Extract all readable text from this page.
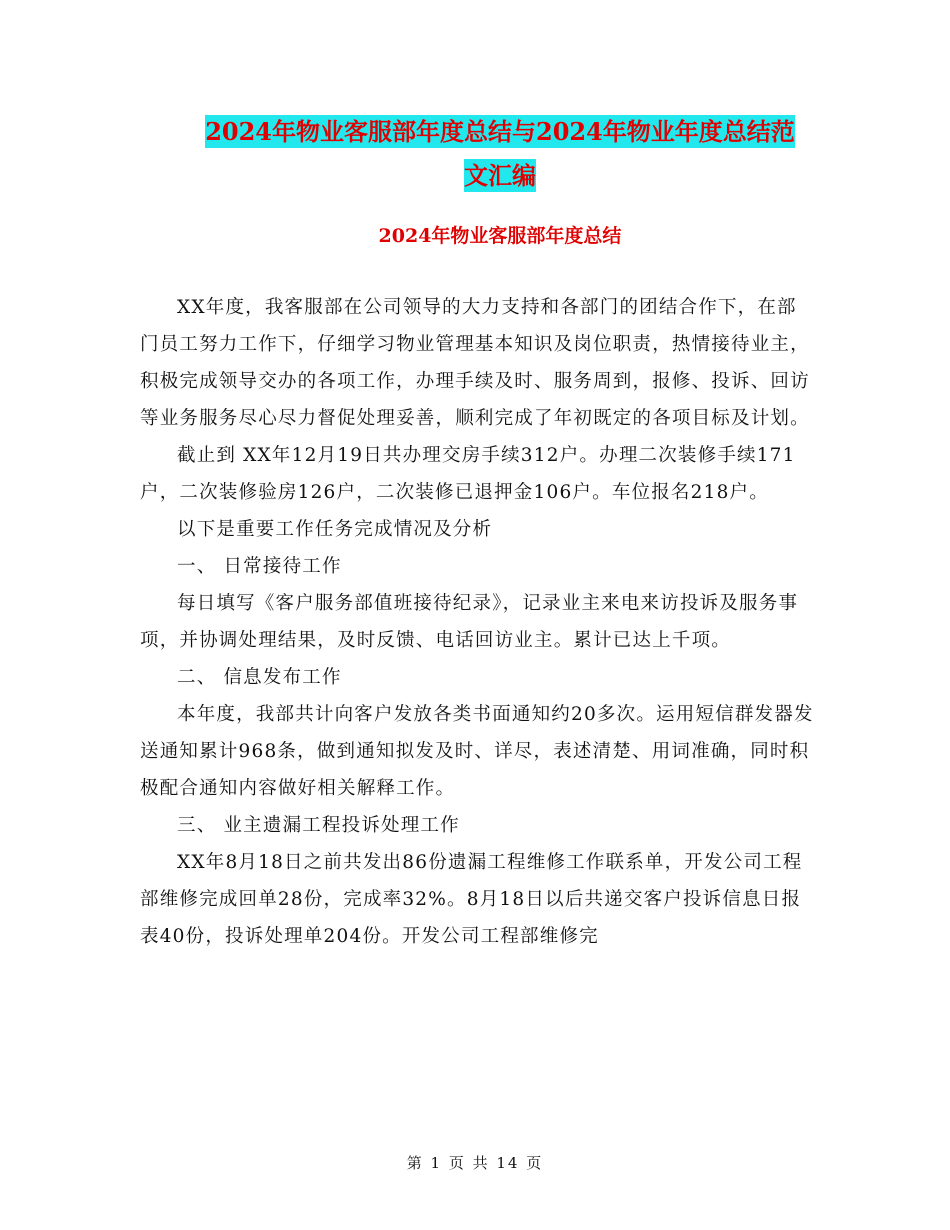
2024年物业客服部年度总结与2024年物业年度总结范
文汇编
2024年物业客服部年度总结

XX年度，我客服部在公司领导的大力支持和各部门的团结合作下，在部门员工努力工作下，仔细学习物业管理基本知识及岗位职责，热情接待业主，积极完成领导交办的各项工作，办理手续及时、服务周到，报修、投诉、回访等业务服务尽心尽力督促处理妥善，顺利完成了年初既定的各项目标及计划。

截止到 XX年12月19日共办理交房手续312户。办理二次装修手续171户，二次装修验房126户，二次装修已退押金106户。车位报名218户。

以下是重要工作任务完成情况及分析

一、 日常接待工作

每日填写《客户服务部值班接待纪录》，记录业主来电来访投诉及服务事项，并协调处理结果，及时反馈、电话回访业主。累计已达上千项。

二、 信息发布工作

本年度，我部共计向客户发放各类书面通知约20多次。运用短信群发器发送通知累计968条，做到通知拟发及时、详尽，表述清楚、用词准确，同时积极配合通知内容做好相关解释工作。

三、 业主遗漏工程投诉处理工作

XX年8月18日之前共发出86份遗漏工程维修工作联系单，开发公司工程部维修完成回单28份，完成率32%。8月18日以后共递交客户投诉信息日报表40份，投诉处理单204份。开发公司工程部维修完

第 1 页 共 14 页
